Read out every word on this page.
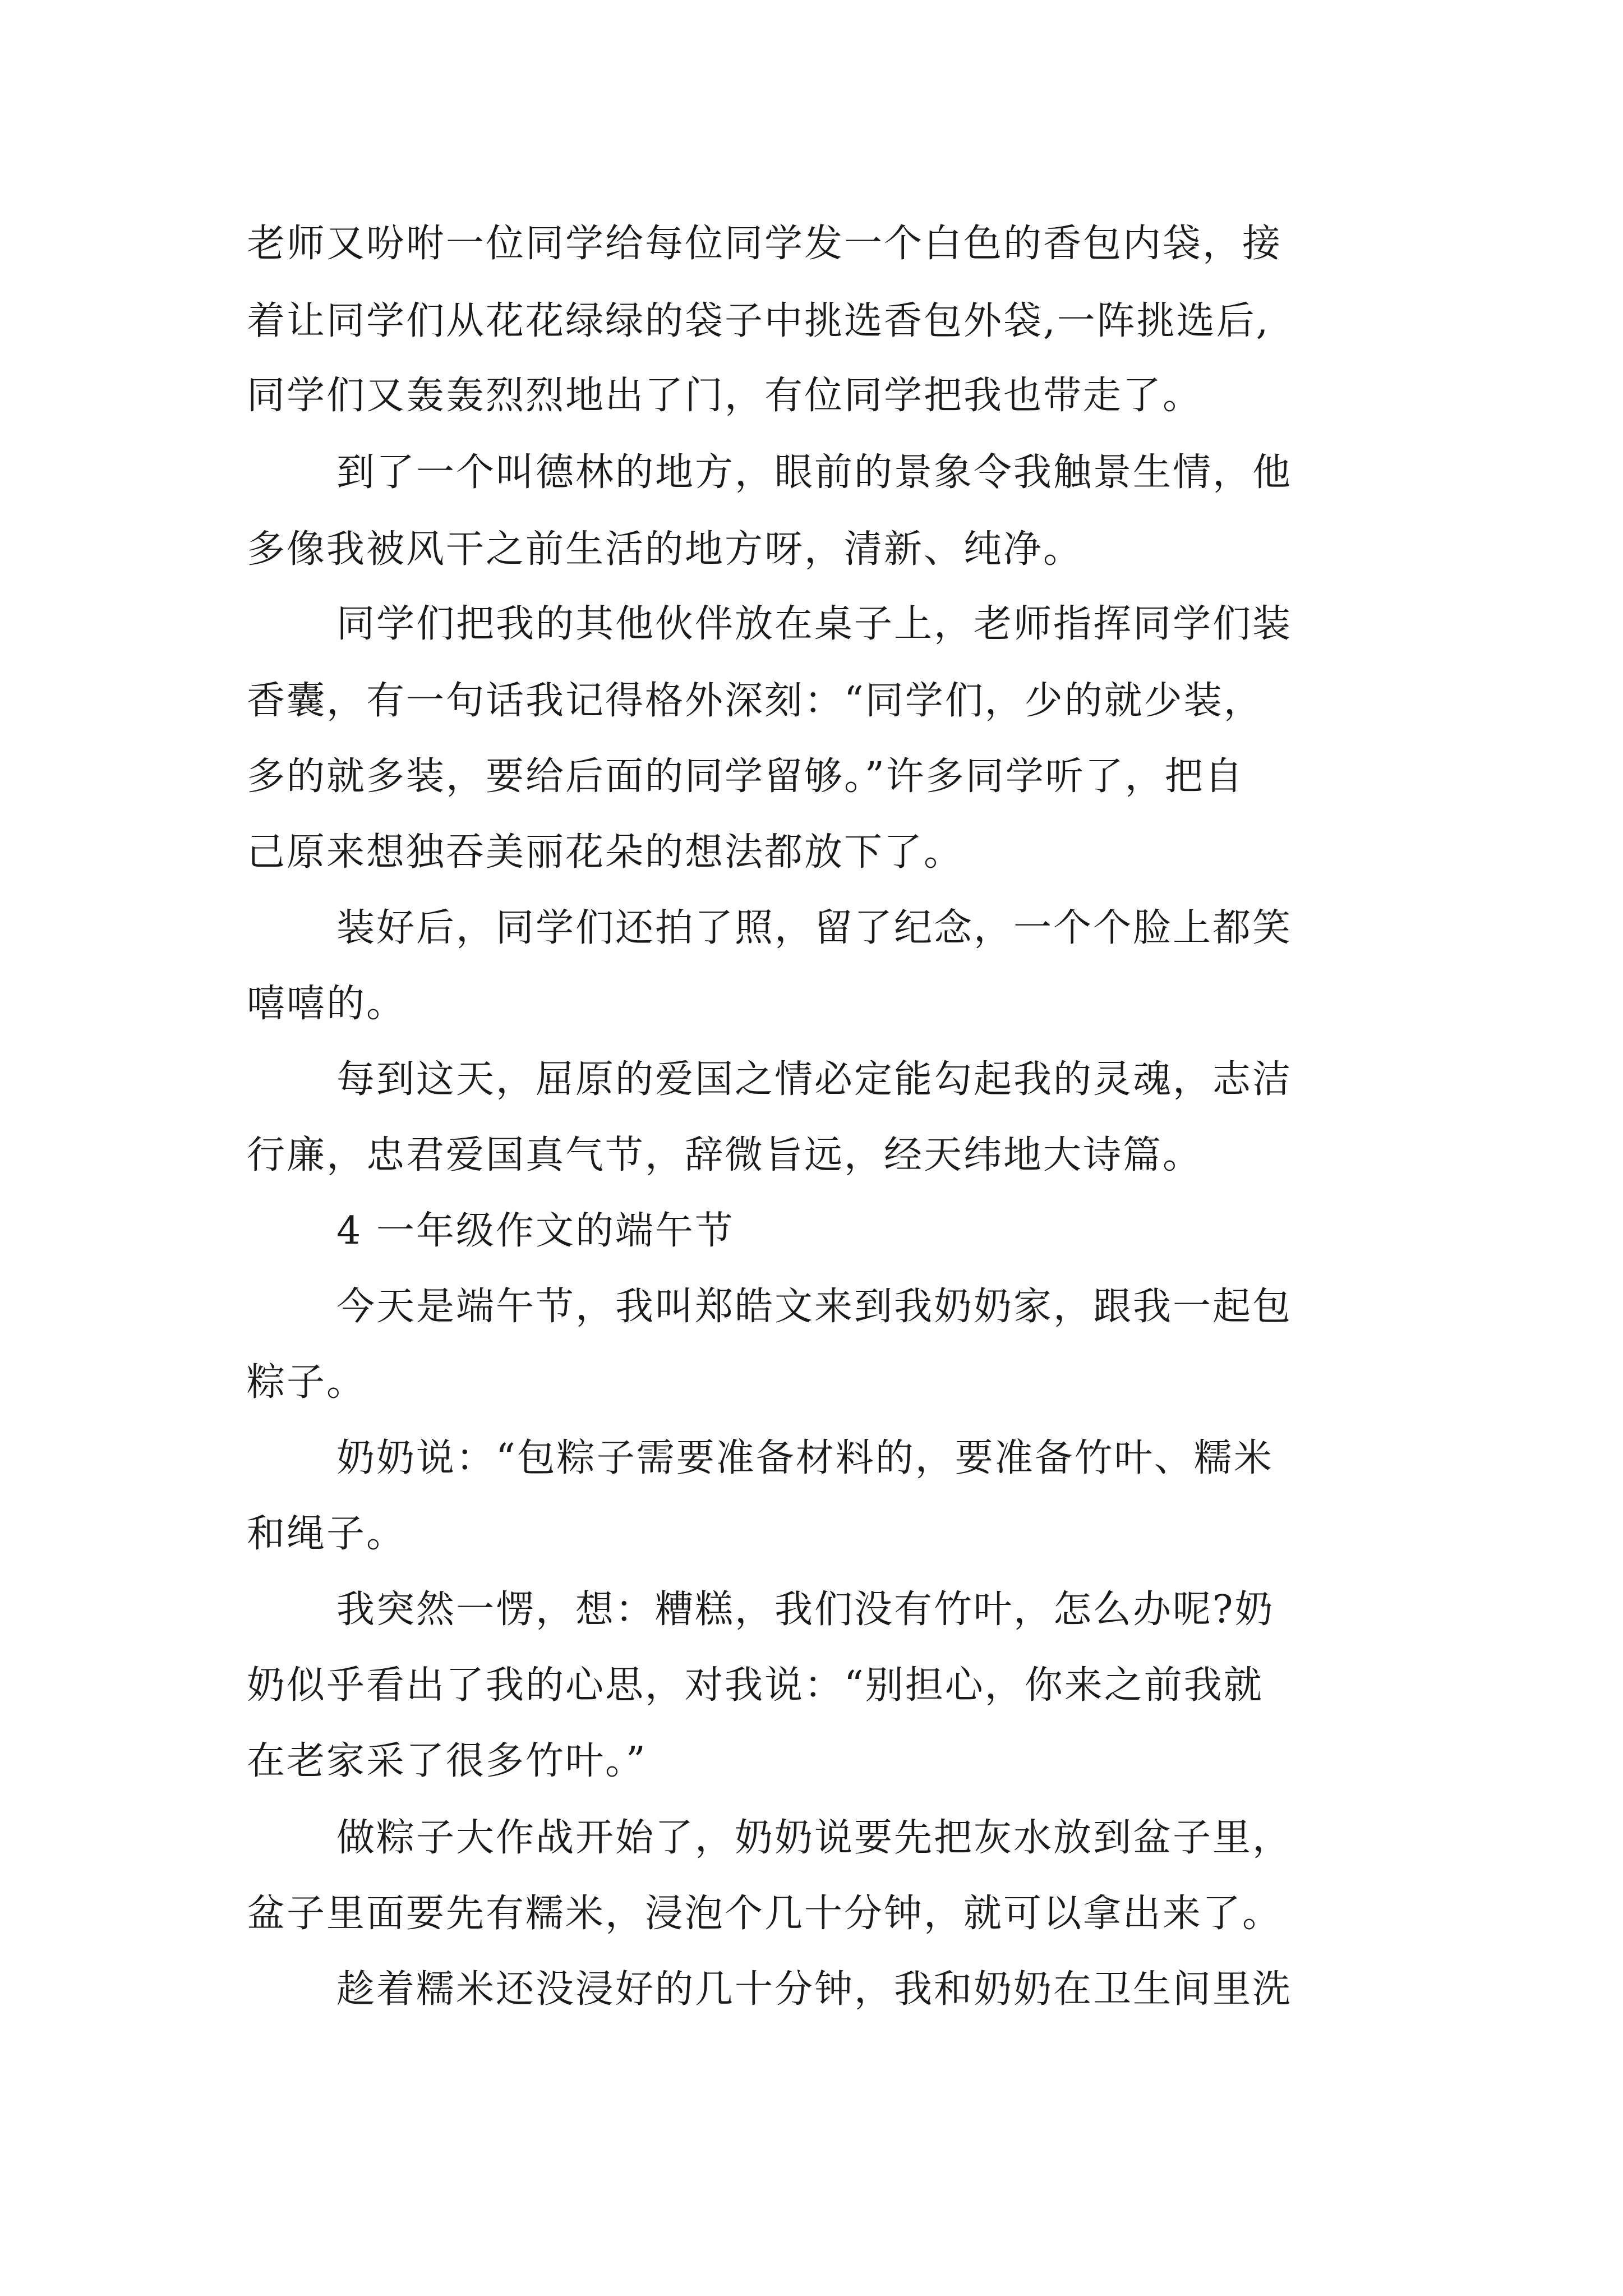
老师又吩咐一位同学给每位同学发一个白色的香包内袋，接
着让同学们从花花绿绿的袋子中挑选香包外袋,一阵挑选后,
同学们又轰轰烈烈地出了门，有位同学把我也带走了。
到了一个叫德林的地方，眼前的景象令我触景生情，他
多像我被风干之前生活的地方呀，清新、纯净。
同学们把我的其他伙伴放在桌子上，老师指挥同学们装
香囊，有一句话我记得格外深刻：“同学们，少的就少装，
多的就多装，要给后面的同学留够。”许多同学听了，把自
己原来想独吞美丽花朵的想法都放下了。
装好后，同学们还拍了照，留了纪念，一个个脸上都笑
嘻嘻的。
每到这天，屈原的爱国之情必定能勾起我的灵魂，志洁
行廉，忠君爱国真气节，辞微旨远，经天纬地大诗篇。
4 一年级作文的端午节
今天是端午节，我叫郑皓文来到我奶奶家，跟我一起包
粽子。
奶奶说：“包粽子需要准备材料的，要准备竹叶、糯米
和绳子。
我突然一愣，想：糟糕，我们没有竹叶，怎么办呢?奶
奶似乎看出了我的心思，对我说：“别担心，你来之前我就
在老家采了很多竹叶。”
做粽子大作战开始了，奶奶说要先把灰水放到盆子里，
盆子里面要先有糯米，浸泡个几十分钟，就可以拿出来了。
趁着糯米还没浸好的几十分钟，我和奶奶在卫生间里洗
